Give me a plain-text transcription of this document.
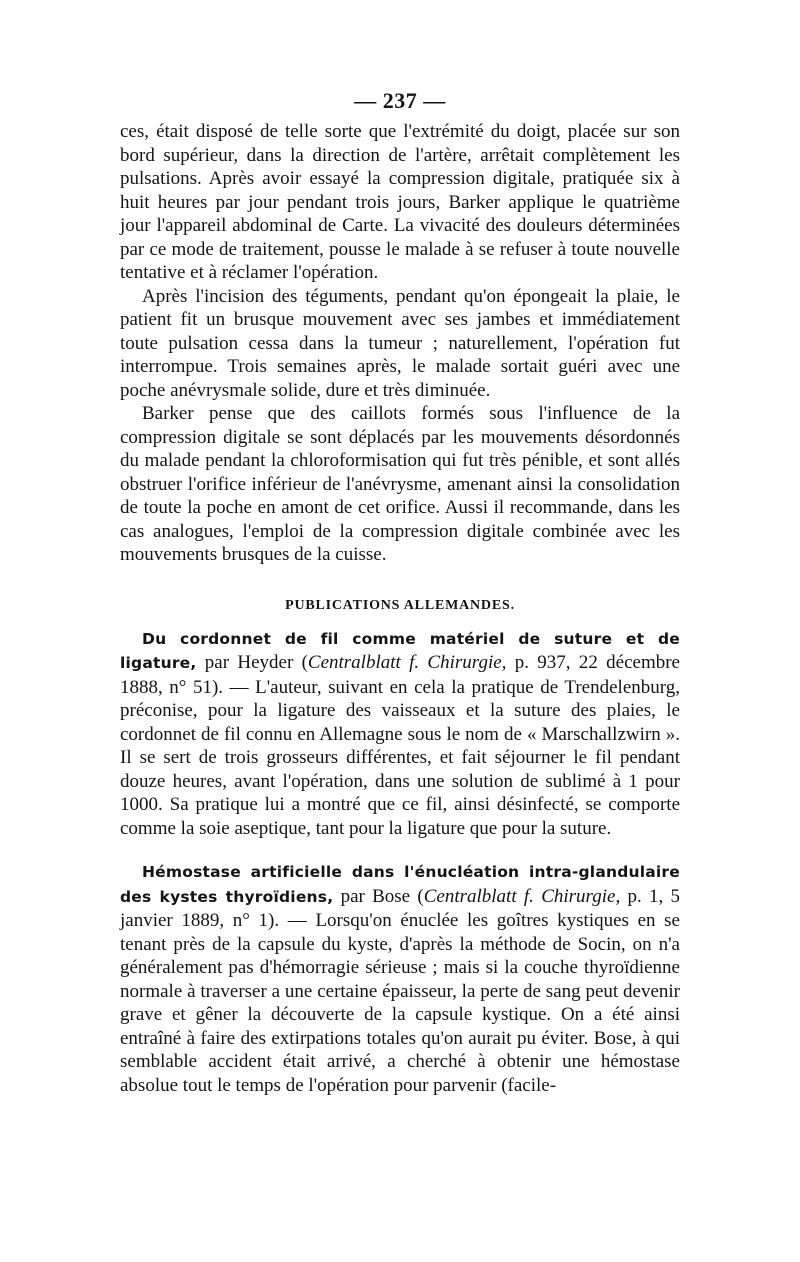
— 237 —

ces, était disposé de telle sorte que l'extrémité du doigt, placée sur son bord supérieur, dans la direction de l'artère, arrêtait complètement les pulsations. Après avoir essayé la compression digitale, pratiquée six à huit heures par jour pendant trois jours, Barker applique le quatrième jour l'appareil abdominal de Carte. La vivacité des douleurs déterminées par ce mode de traitement, pousse le malade à se refuser à toute nouvelle tentative et à réclamer l'opération.

Après l'incision des téguments, pendant qu'on épongeait la plaie, le patient fit un brusque mouvement avec ses jambes et immédiatement toute pulsation cessa dans la tumeur ; naturellement, l'opération fut interrompue. Trois semaines après, le malade sortait guéri avec une poche anévrysmale solide, dure et très diminuée.

Barker pense que des caillots formés sous l'influence de la compression digitale se sont déplacés par les mouvements désordonnés du malade pendant la chloroformisation qui fut très pénible, et sont allés obstruer l'orifice inférieur de l'anévrysme, amenant ainsi la consolidation de toute la poche en amont de cet orifice. Aussi il recommande, dans les cas analogues, l'emploi de la compression digitale combinée avec les mouvements brusques de la cuisse.

PUBLICATIONS ALLEMANDES.

Du cordonnet de fil comme matériel de suture et de ligature, par Heyder (Centralblatt f. Chirurgie, p. 937, 22 décembre 1888, n° 51). — L'auteur, suivant en cela la pratique de Trendelenburg, préconise, pour la ligature des vaisseaux et la suture des plaies, le cordonnet de fil connu en Allemagne sous le nom de « Marschallzwirn ». Il se sert de trois grosseurs différentes, et fait séjourner le fil pendant douze heures, avant l'opération, dans une solution de sublimé à 1 pour 1000. Sa pratique lui a montré que ce fil, ainsi désinfecté, se comporte comme la soie aseptique, tant pour la ligature que pour la suture.

Hémostase artificielle dans l'énucléation intra-glandulaire des kystes thyroïdiens, par Bose (Centralblatt f. Chirurgie, p. 1, 5 janvier 1889, n° 1). — Lorsqu'on énuclée les goîtres kystiques en se tenant près de la capsule du kyste, d'après la méthode de Socin, on n'a généralement pas d'hémorragie sérieuse ; mais si la couche thyroïdienne normale à traverser a une certaine épaisseur, la perte de sang peut devenir grave et gêner la découverte de la capsule kystique. On a été ainsi entraîné à faire des extirpations totales qu'on aurait pu éviter. Bose, à qui semblable accident était arrivé, a cherché à obtenir une hémostase absolue tout le temps de l'opération pour parvenir (facile-
